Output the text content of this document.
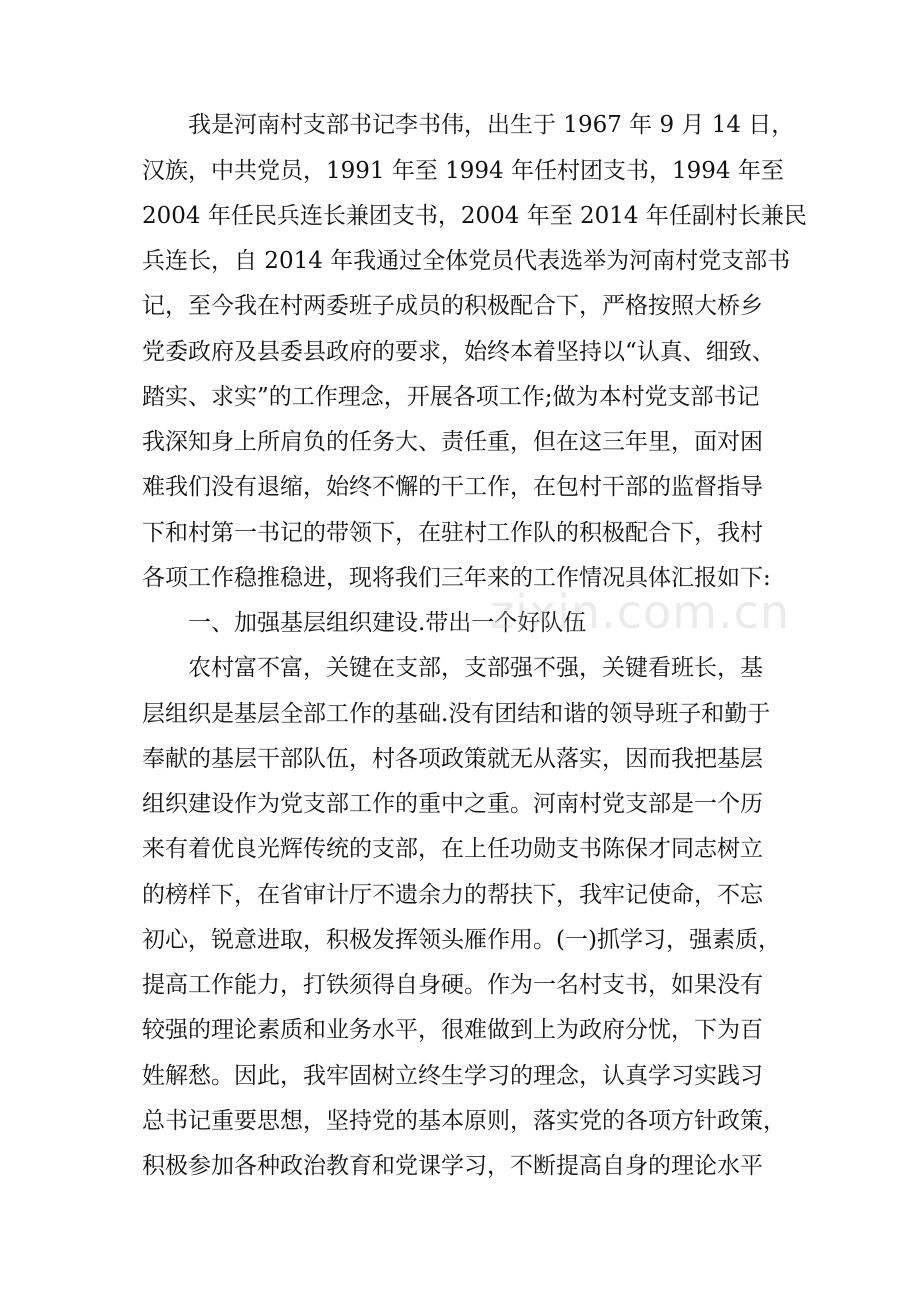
我是河南村支部书记李书伟，出生于 1967 年 9 月 14 日，
汉族，中共党员，1991 年至 1994 年任村团支书，1994 年至
2004 年任民兵连长兼团支书，2004 年至 2014 年任副村长兼民
兵连长，自 2014 年我通过全体党员代表选举为河南村党支部书
记，至今我在村两委班子成员的积极配合下，严格按照大桥乡
党委政府及县委县政府的要求，始终本着坚持以“认真、细致、
踏实、求实”的工作理念，开展各项工作;做为本村党支部书记
我深知身上所肩负的任务大、责任重，但在这三年里，面对困
难我们没有退缩，始终不懈的干工作，在包村干部的监督指导
下和村第一书记的带领下，在驻村工作队的积极配合下，我村
各项工作稳推稳进，现将我们三年来的工作情况具体汇报如下:
一、加强基层组织建设.带出一个好队伍
农村富不富，关键在支部，支部强不强，关键看班长，基
层组织是基层全部工作的基础.没有团结和谐的领导班子和勤于
奉献的基层干部队伍，村各项政策就无从落实，因而我把基层
组织建设作为党支部工作的重中之重。河南村党支部是一个历
来有着优良光辉传统的支部，在上任功勋支书陈保才同志树立
的榜样下，在省审计厅不遗余力的帮扶下，我牢记使命，不忘
初心，锐意进取，积极发挥领头雁作用。(一)抓学习，强素质，
提高工作能力，打铁须得自身硬。作为一名村支书，如果没有
较强的理论素质和业务水平，很难做到上为政府分忧，下为百
姓解愁。因此，我牢固树立终生学习的理念，认真学习实践习
总书记重要思想，坚持党的基本原则，落实党的各项方针政策，
积极参加各种政治教育和党课学习，不断提高自身的理论水平
zixin.com.cn
